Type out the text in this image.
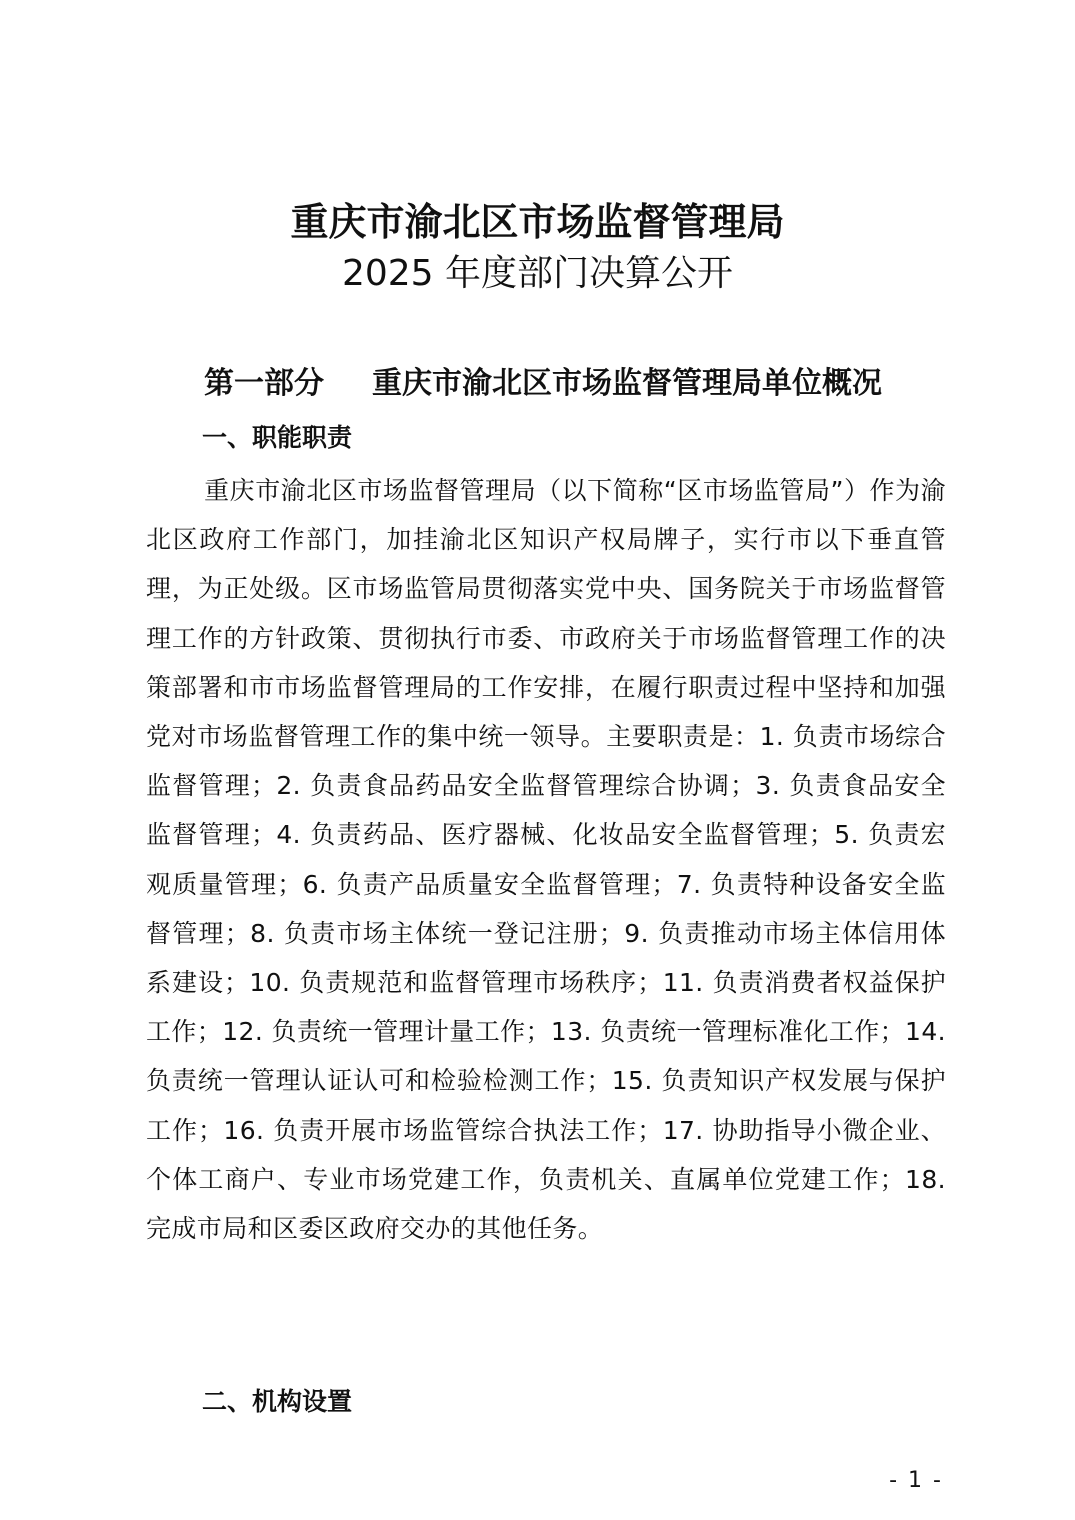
重庆市渝北区市场监督管理局
2025 年度部门决算公开
第一部分 重庆市渝北区市场监督管理局单位概况
一、职能职责

重庆市渝北区市场监督管理局（以下简称“区市场监管局”）作为渝北区政府工作部门，加挂渝北区知识产权局牌子，实行市以下垂直管理，为正处级。区市场监管局贯彻落实党中央、国务院关于市场监督管理工作的方针政策、贯彻执行市委、市政府关于市场监督管理工作的决策部署和市市场监督管理局的工作安排，在履行职责过程中坚持和加强党对市场监督管理工作的集中统一领导。主要职责是：1. 负责市场综合监督管理；2. 负责食品药品安全监督管理综合协调；3. 负责食品安全监督管理；4. 负责药品、医疗器械、化妆品安全监督管理；5. 负责宏观质量管理；6. 负责产品质量安全监督管理；7. 负责特种设备安全监督管理；8. 负责市场主体统一登记注册；9. 负责推动市场主体信用体系建设；10. 负责规范和监督管理市场秩序；11. 负责消费者权益保护工作；12. 负责统一管理计量工作；13. 负责统一管理标准化工作；14. 负责统一管理认证认可和检验检测工作；15. 负责知识产权发展与保护工作；16. 负责开展市场监管综合执法工作；17. 协助指导小微企业、个体工商户、专业市场党建工作，负责机关、直属单位党建工作；18. 完成市局和区委区政府交办的其他任务。

二、机构设置
- 1 -
